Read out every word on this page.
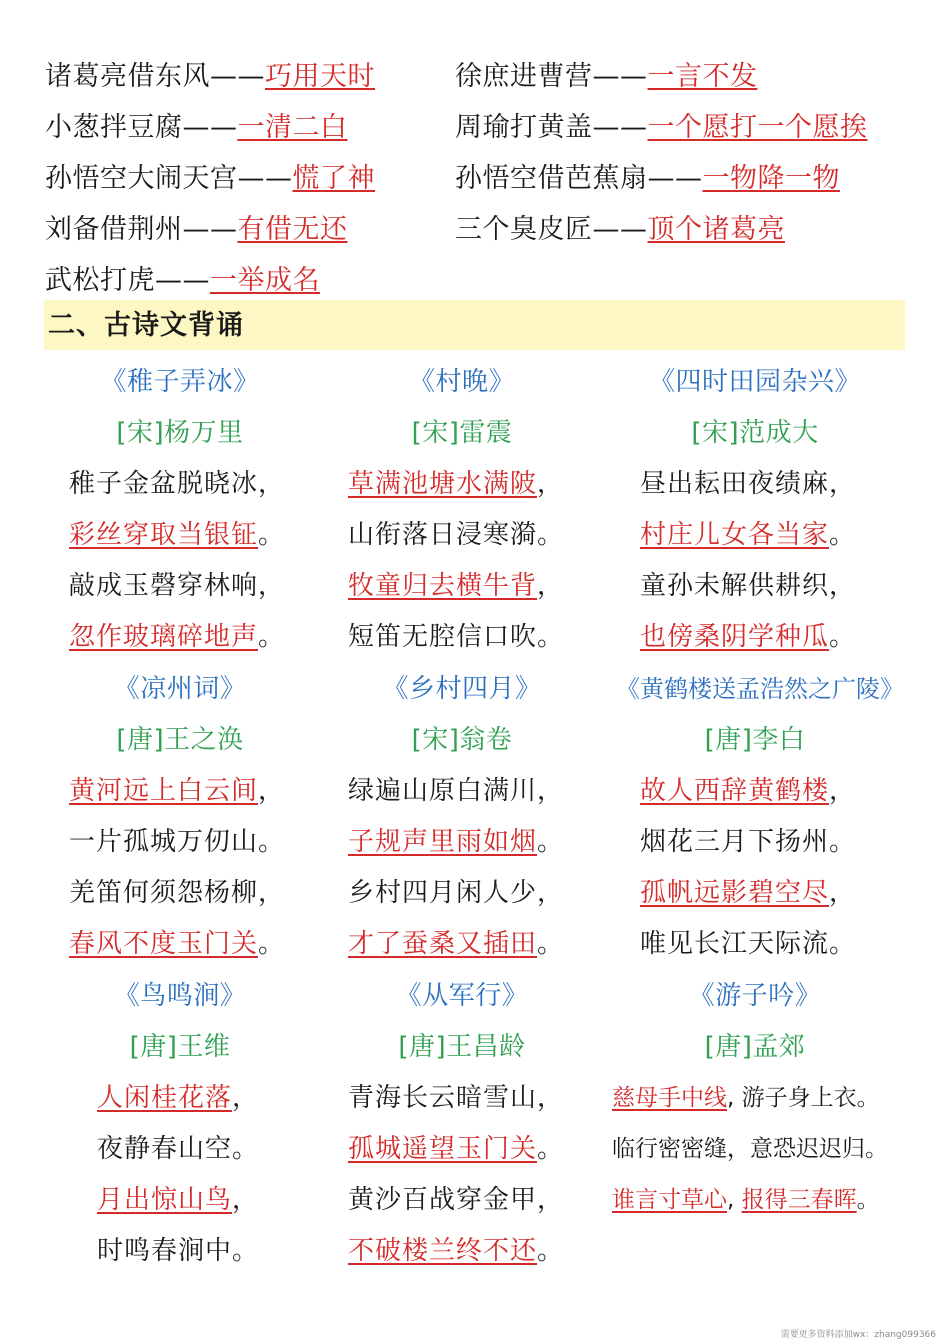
诸葛亮借东风——巧用天时	徐庶进曹营——一言不发
小葱拌豆腐——一清二白	周瑜打黄盖——一个愿打一个愿挨
孙悟空大闹天宫——慌了神	孙悟空借芭蕉扇——一物降一物
刘备借荆州——有借无还	三个臭皮匠——顶个诸葛亮
武松打虎——一举成名
二、古诗文背诵
《稚子弄冰》
[宋]杨万里
稚子金盆脱晓冰，
彩丝穿取当银钲。
敲成玉磬穿林响，
忽作玻璃碎地声。
《村晚》
[宋]雷震
草满池塘水满陂，
山衔落日浸寒漪。
牧童归去横牛背，
短笛无腔信口吹。
《四时田园杂兴》
[宋]范成大
昼出耘田夜绩麻，
村庄儿女各当家。
童孙未解供耕织，
也傍桑阴学种瓜。
《凉州词》
[唐]王之涣
黄河远上白云间，
一片孤城万仞山。
羌笛何须怨杨柳，
春风不度玉门关。
《乡村四月》
[宋]翁卷
绿遍山原白满川，
子规声里雨如烟。
乡村四月闲人少，
才了蚕桑又插田。
《黄鹤楼送孟浩然之广陵》
[唐]李白
故人西辞黄鹤楼，
烟花三月下扬州。
孤帆远影碧空尽，
唯见长江天际流。
《鸟鸣涧》
[唐]王维
人闲桂花落，
夜静春山空。
月出惊山鸟，
时鸣春涧中。
《从军行》
[唐]王昌龄
青海长云暗雪山，
孤城遥望玉门关。
黄沙百战穿金甲，
不破楼兰终不还。
《游子吟》
[唐]孟郊
慈母手中线, 游子身上衣。
临行密密缝，意恐迟迟归。
谁言寸草心, 报得三春晖。
需要更多资料添加wx：zhang099366
